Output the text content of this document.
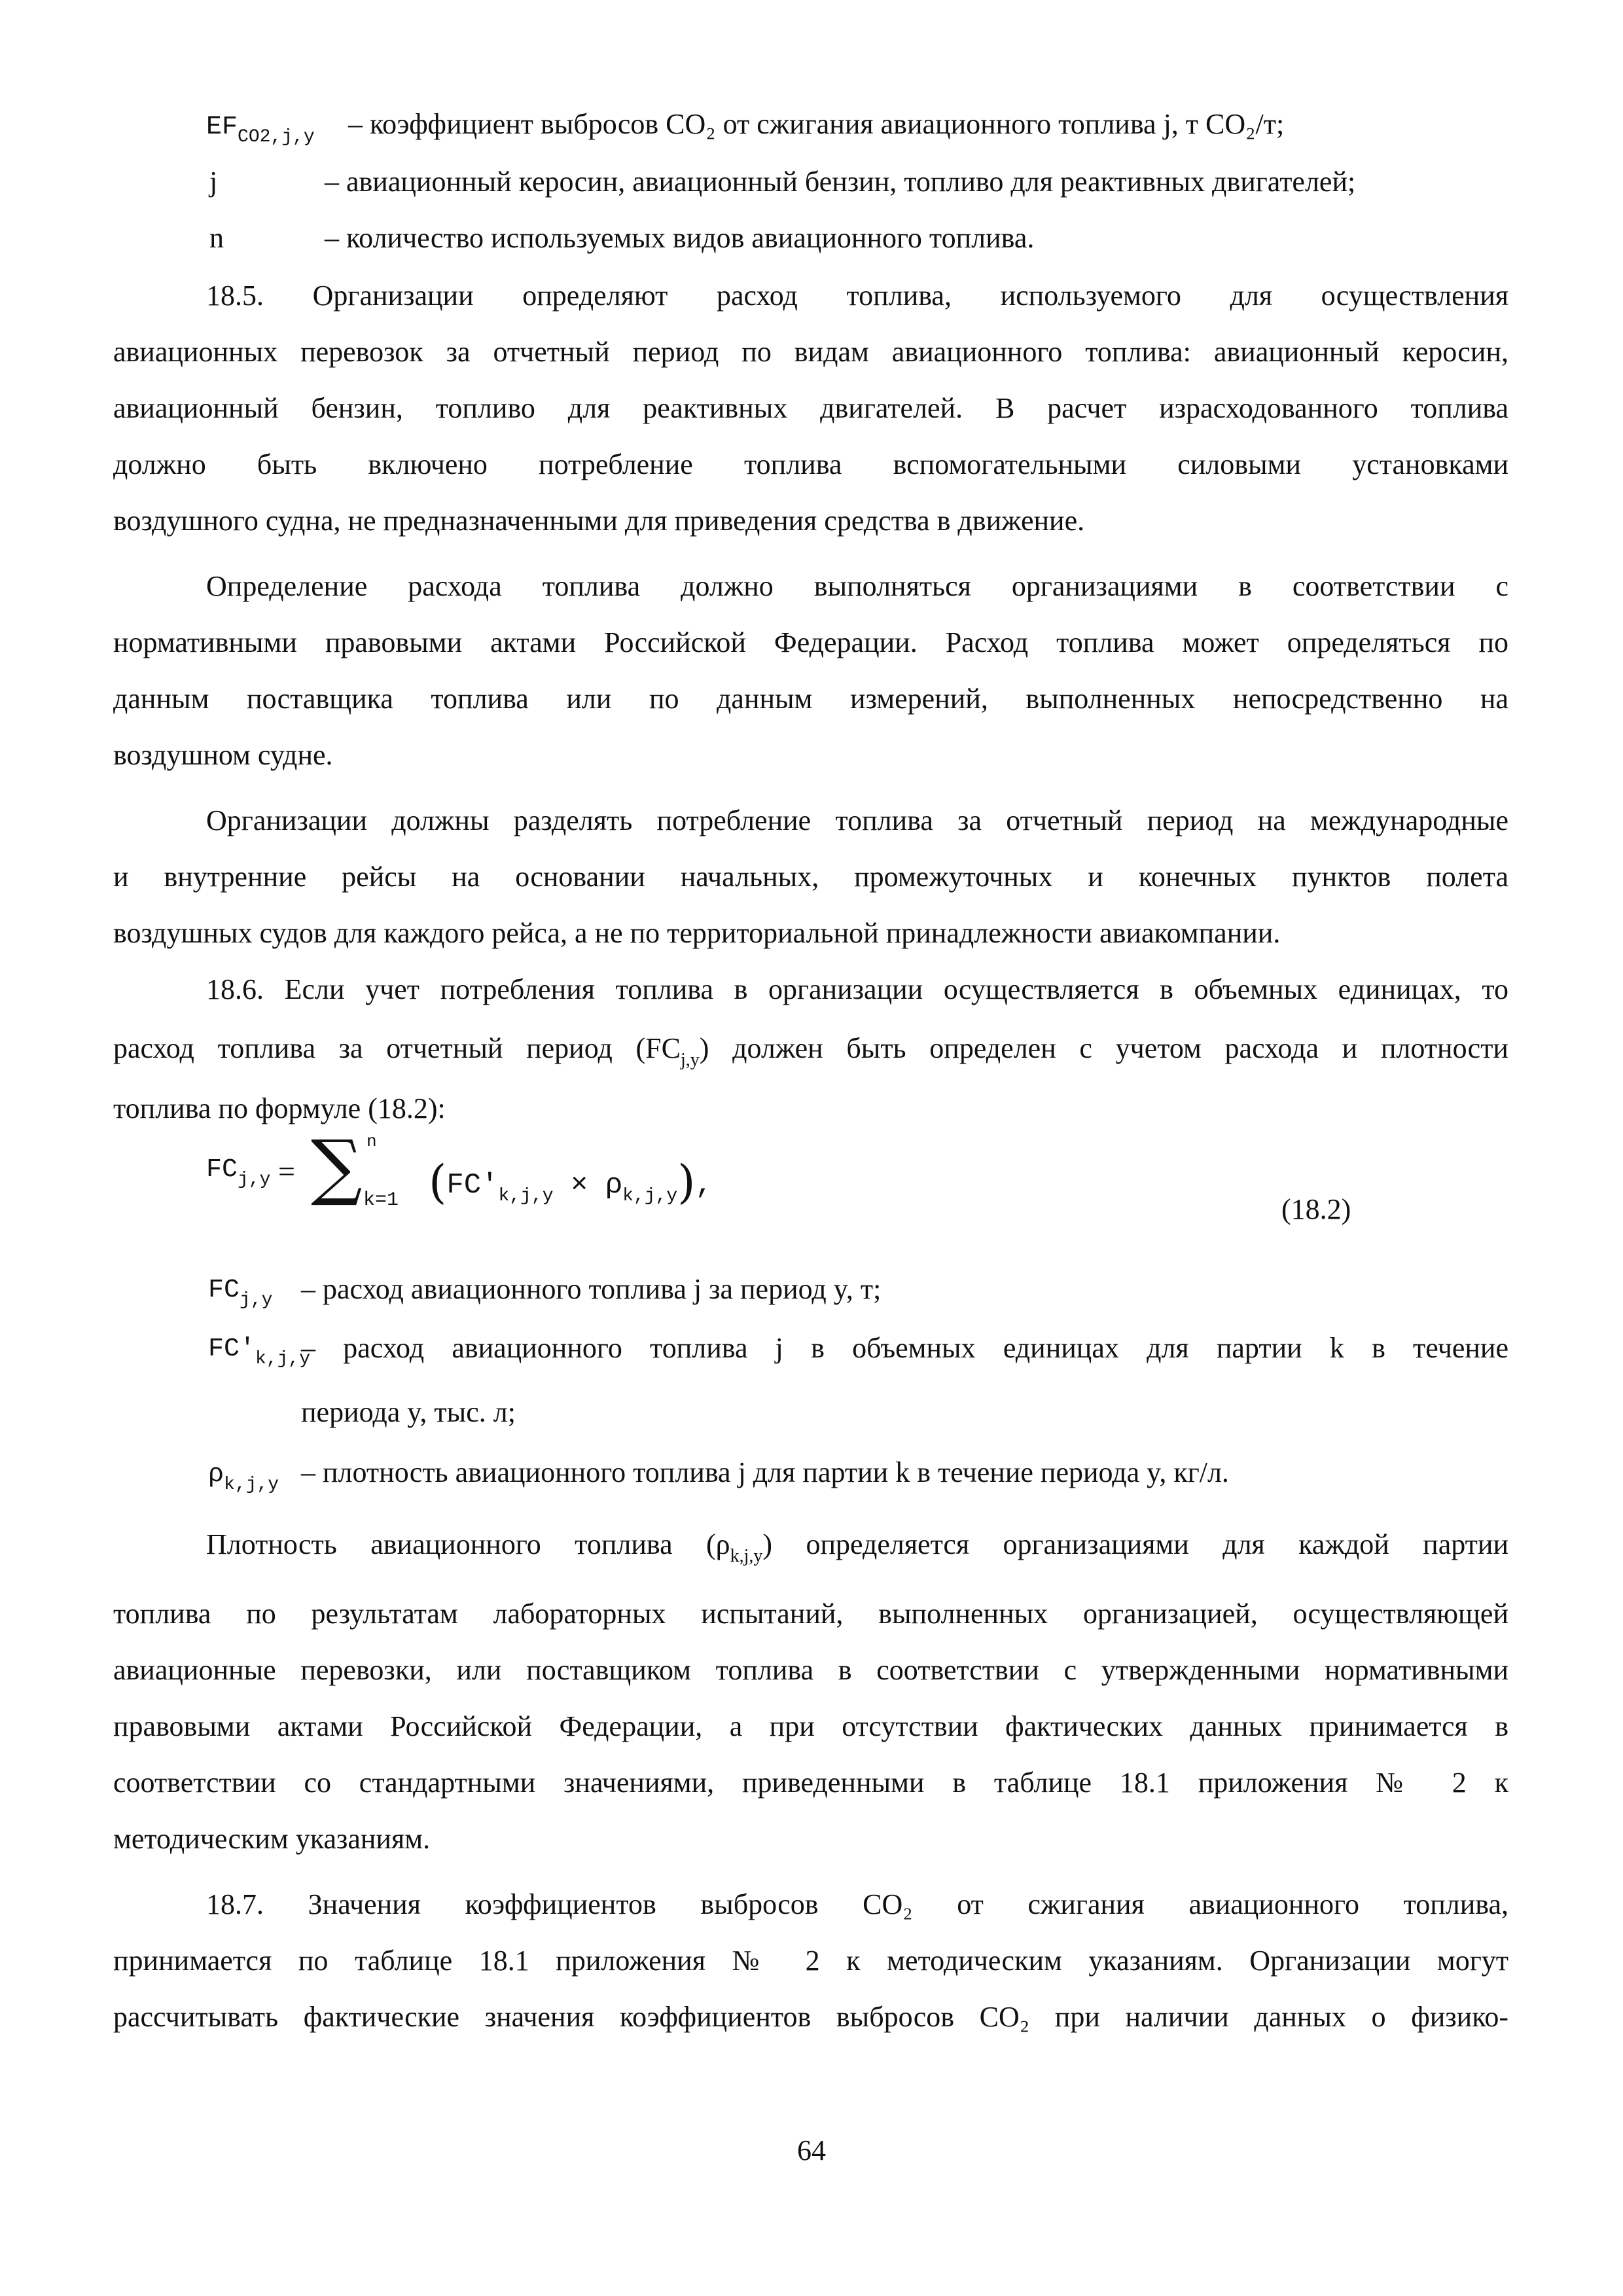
$EF_{CO2,j,y}$ – коэффициент выбросов CO₂ от сжигания авиационного топлива j, т CO₂/т;
j	– авиационный керосин, авиационный бензин, топливо для реактивных двигателей;
n	– количество используемых видов авиационного топлива.
18.5. Организации определяют расход топлива, используемого для осуществления
авиационных перевозок за отчетный период по видам авиационного топлива: авиационный керосин,
авиационный бензин, топливо для реактивных двигателей. В расчет израсходованного топлива
должно быть включено потребление топлива вспомогательными силовыми установками
воздушного судна, не предназначенными для приведения средства в движение.
Определение расхода топлива должно выполняться организациями в соответствии с
нормативными правовыми актами Российской Федерации. Расход топлива может определяться по
данным поставщика топлива или по данным измерений, выполненных непосредственно на
воздушном судне.
Организации должны разделять потребление топлива за отчетный период на международные
и внутренние рейсы на основании начальных, промежуточных и конечных пунктов полета
воздушных судов для каждого рейса, а не по территориальной принадлежности авиакомпании.
18.6. Если учет потребления топлива в организации осуществляется в объемных единицах, то
расход топлива за отчетный период $(FC_{j,y})$ должен быть определен с учетом расхода и плотности
топлива по формуле (18.2):
$FC_{j,y}$ = ∑ n
k=1 $(FC'_{k,j,y} \times \rho_{k,j,y})$,
(18.2)
$FC_{j,y}$ – расход авиационного топлива j за период y, т;
$FC'_{k,j,y}$
– расход авиационного топлива j в объемных единицах для партии k в течение
периода y, тыс. л;
$\rho_{k,j,y}$ – плотность авиационного топлива j для партии k в течение периода y, кг/л.
Плотность авиационного топлива $(\rho_{k,j,y})$ определяется организациями для каждой партии
топлива по результатам лабораторных испытаний, выполненных организацией, осуществляющей
авиационные перевозки, или поставщиком топлива в соответствии с утвержденными нормативными
правовыми актами Российской Федерации, а при отсутствии фактических данных принимается в
соответствии со стандартными значениями, приведенными в таблице 18.1 приложения № 2 к
методическим указаниям.
18.7. Значения коэффициентов выбросов CO₂ от сжигания авиационного топлива,
принимается по таблице 18.1 приложения № 2 к методическим указаниям. Организации могут
рассчитывать фактические значения коэффициентов выбросов CO₂ при наличии данных о физико-
64
